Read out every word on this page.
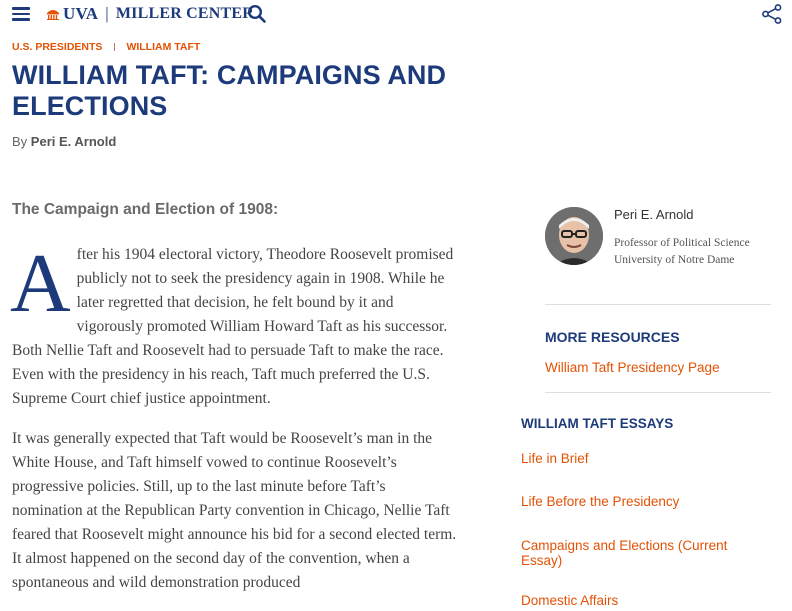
UVA | MILLER CENTER
U.S. PRESIDENTS WILLIAM TAFT
WILLIAM TAFT: CAMPAIGNS AND ELECTIONS
By Peri E. Arnold
The Campaign and Election of 1908:

After his 1904 electoral victory, Theodore Roosevelt promised publicly not to seek the presidency again in 1908. While he later regretted that decision, he felt bound by it and vigorously promoted William Howard Taft as his successor. Both Nellie Taft and Roosevelt had to persuade Taft to make the race. Even with the presidency in his reach, Taft much preferred the U.S. Supreme Court chief justice appointment.

It was generally expected that Taft would be Roosevelt’s man in the White House, and Taft himself vowed to continue Roosevelt’s progressive policies. Still, up to the last minute before Taft’s nomination at the Republican Party convention in Chicago, Nellie Taft feared that Roosevelt might announce his bid for a second elected term. It almost happened on the second day of the convention, when a spontaneous and wild demonstration produced

Peri E. Arnold
Professor of Political Science
University of Notre Dame
MORE RESOURCES
William Taft Presidency Page
WILLIAM TAFT ESSAYS
Life in Brief
Life Before the Presidency
Campaigns and Elections (Current Essay)
Domestic Affairs
